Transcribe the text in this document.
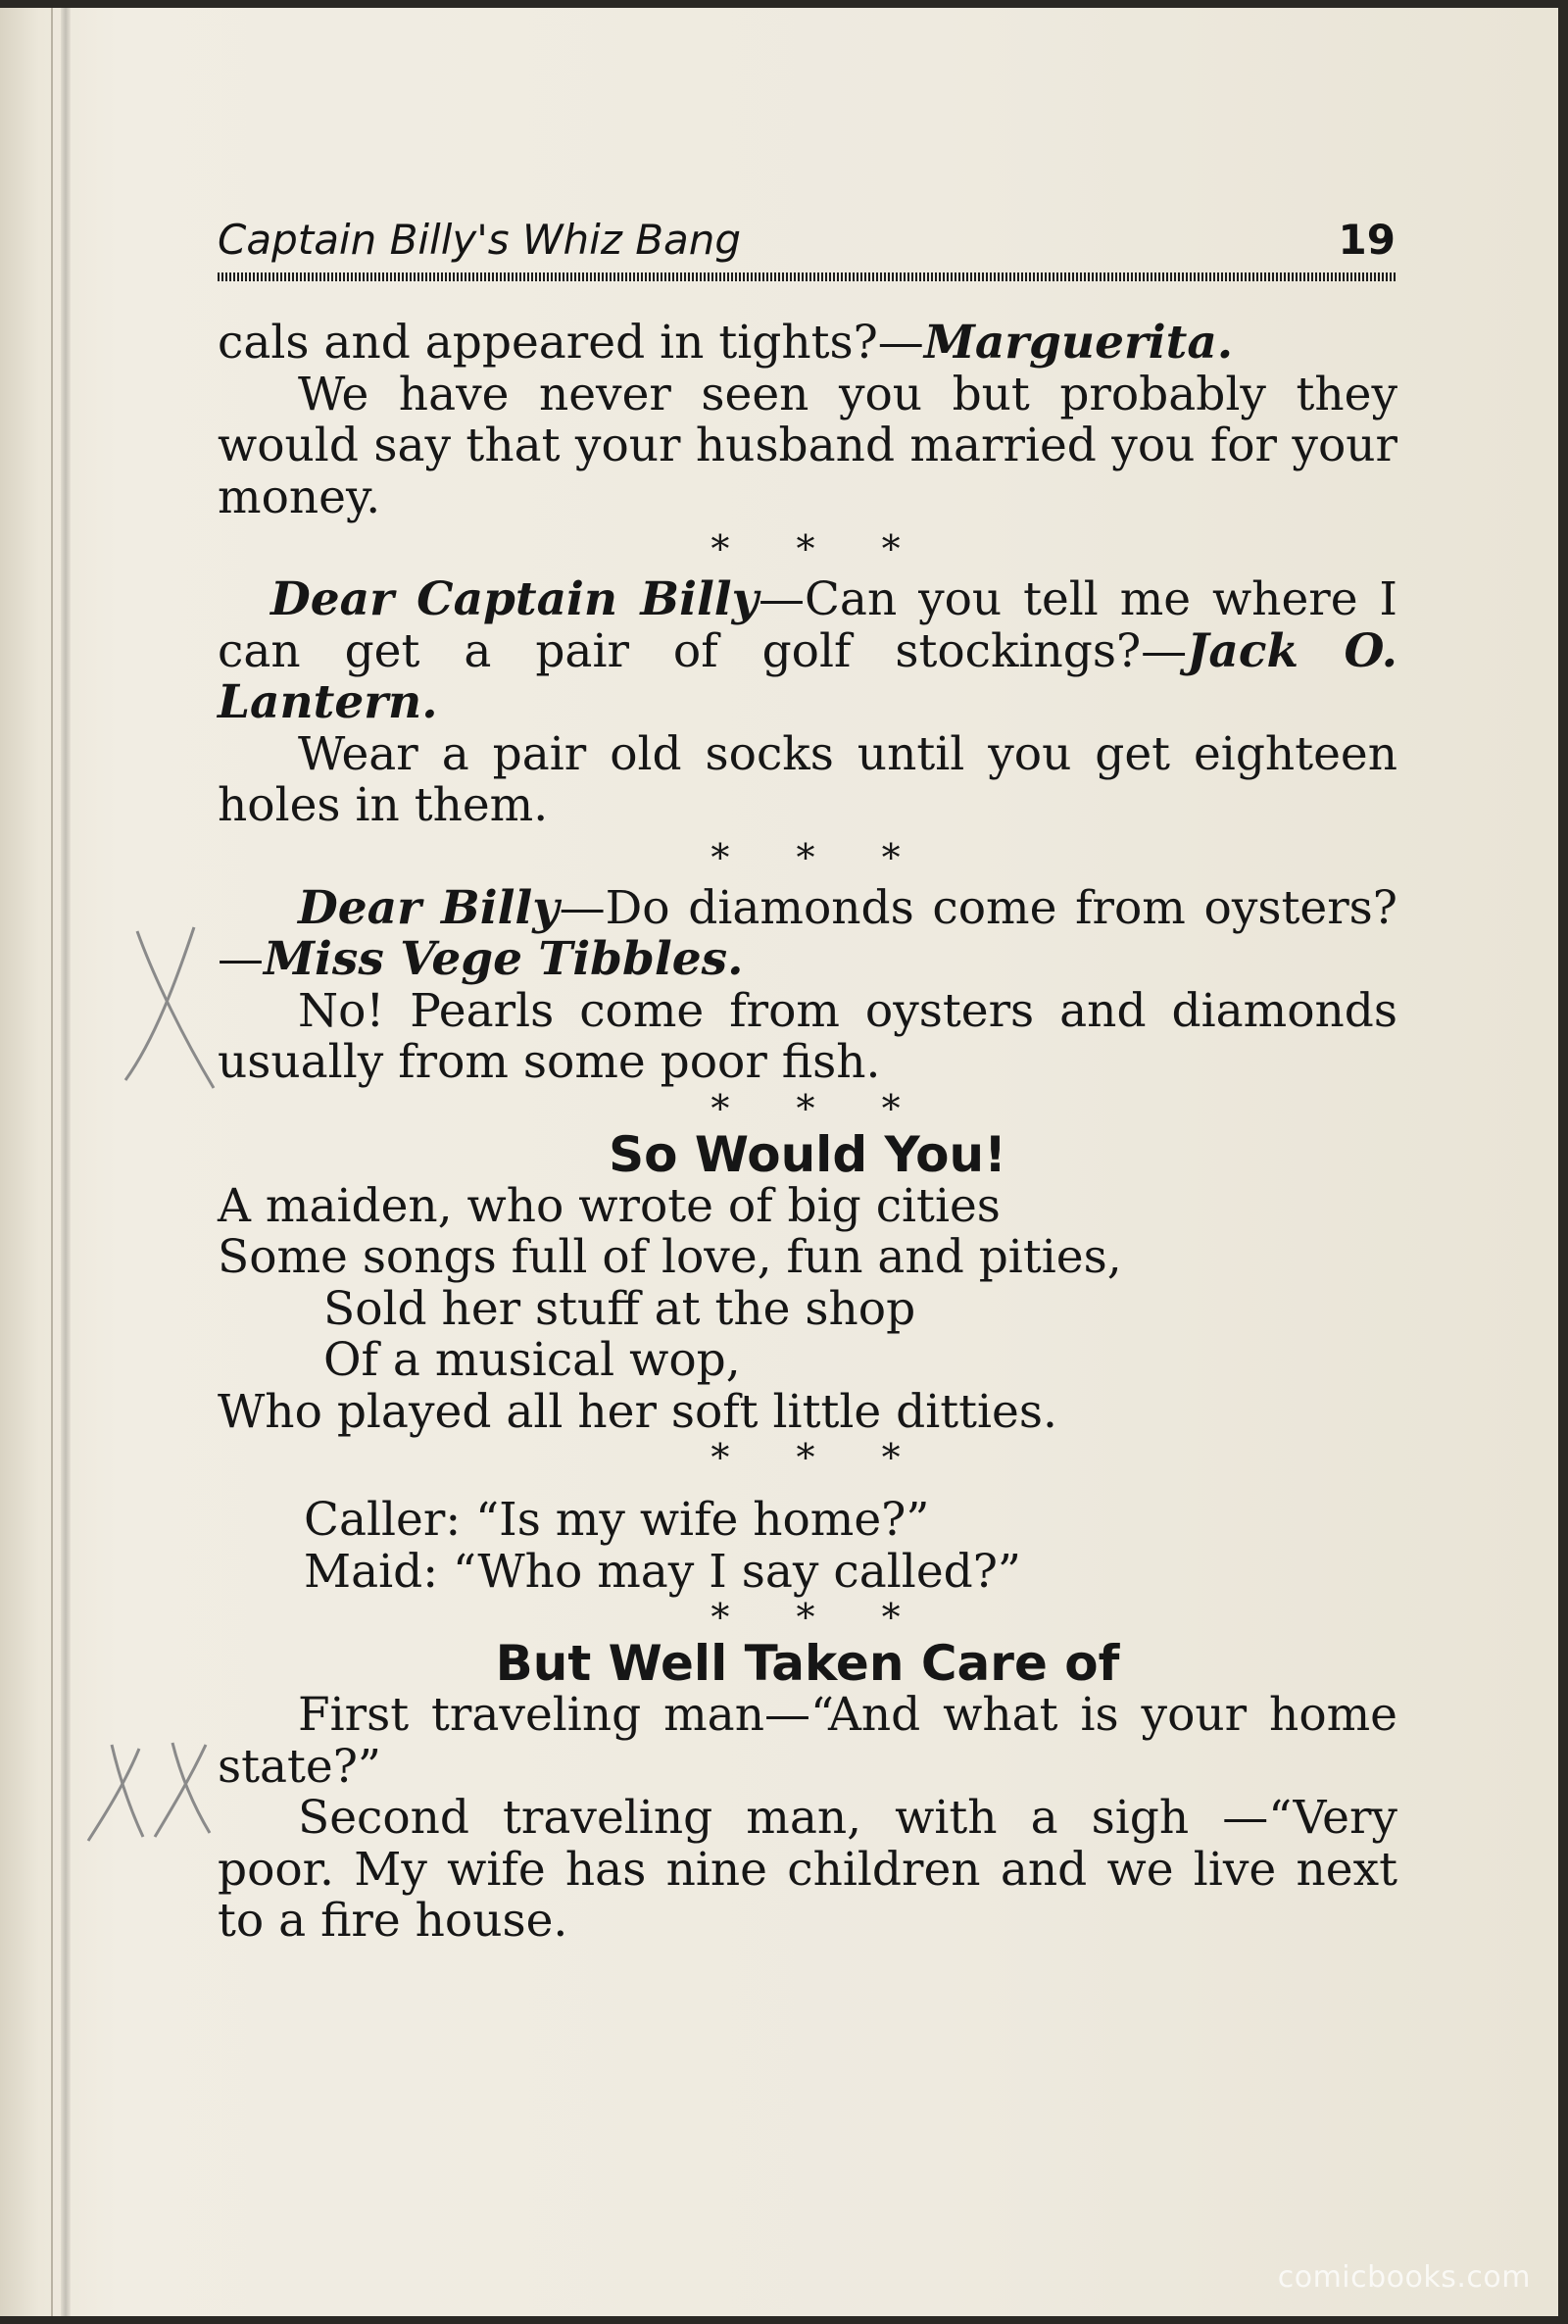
Captain Billy's Whiz Bang	19

cals and appeared in tights?—Marguerita.

We have never seen you but probably they would say that your husband married you for your money.

* * *

Dear Captain Billy—Can you tell me where I can get a pair of golf stockings?—Jack O. Lantern.

Wear a pair old socks until you get eighteen holes in them.

* * *

Dear Billy—Do diamonds come from oysters?—Miss Vege Tibbles.

No! Pearls come from oysters and diamonds usually from some poor fish.

* * *

So Would You!

A maiden, who wrote of big cities

Some songs full of love, fun and pities,

Sold her stuff at the shop

Of a musical wop,

Who played all her soft little ditties.

* * *

Caller: “Is my wife home?”

Maid: “Who may I say called?”

* * *

But Well Taken Care of

First traveling man—“And what is your home state?”

Second traveling man, with a sigh —“Very poor. My wife has nine children and we live next to a fire house.

comicbooks.com
